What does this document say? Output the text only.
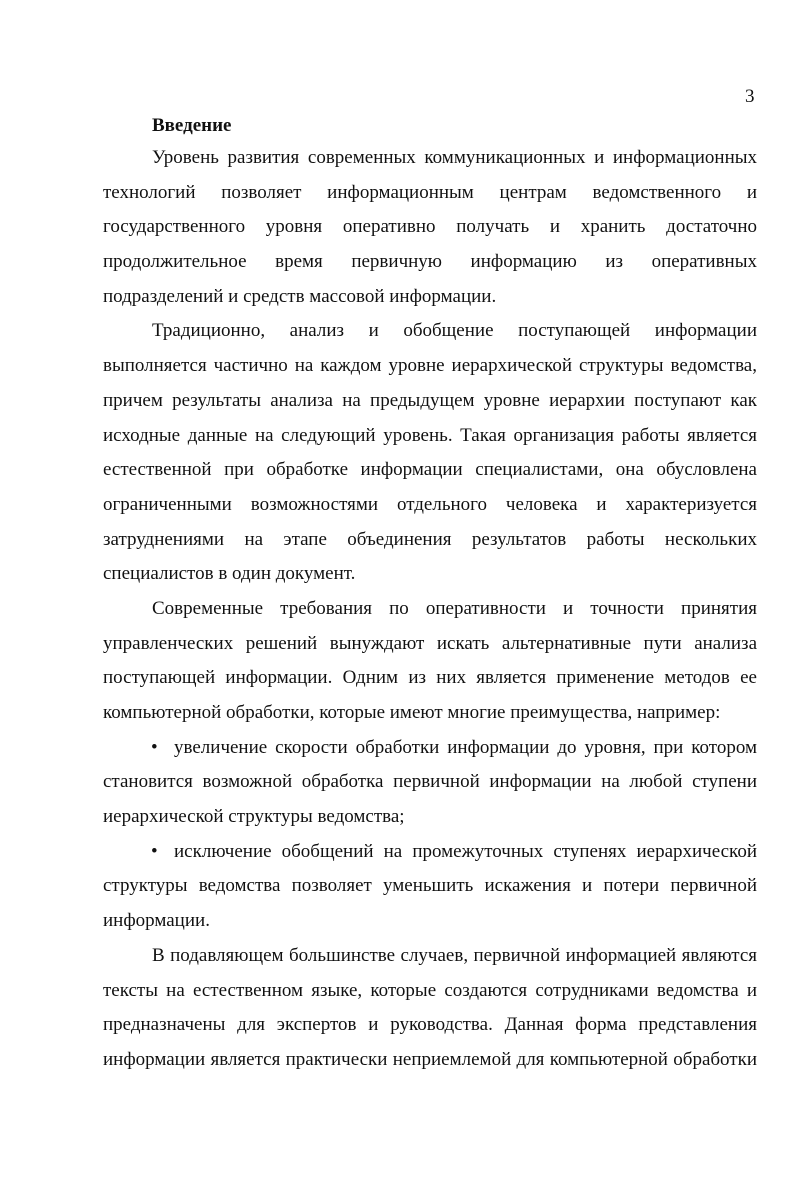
3
Введение
Уровень развития современных коммуникационных и информационных
технологий позволяет информационным центрам ведомственного и
государственного уровня оперативно получать и хранить достаточно
продолжительное время первичную информацию из оперативных
подразделений и средств массовой информации.
Традиционно, анализ и обобщение поступающей информации
выполняется частично на каждом уровне иерархической структуры ведомства,
причем результаты анализа на предыдущем уровне иерархии поступают как
исходные данные на следующий уровень. Такая организация работы является
естественной при обработке информации специалистами, она обусловлена
ограниченными возможностями отдельного человека и характеризуется
затруднениями на этапе объединения результатов работы нескольких
специалистов в один документ.
Современные требования по оперативности и точности принятия
управленческих решений вынуждают искать альтернативные пути анализа
поступающей информации. Одним из них является применение методов ее
компьютерной обработки, которые имеют многие преимущества, например:
• увеличение скорости обработки информации до уровня, при котором
становится возможной обработка первичной информации на любой ступени
иерархической структуры ведомства;
• исключение обобщений на промежуточных ступенях иерархической
структуры ведомства позволяет уменьшить искажения и потери первичной
информации.
В подавляющем большинстве случаев, первичной информацией являются
тексты на естественном языке, которые создаются сотрудниками ведомства и
предназначены для экспертов и руководства. Данная форма представления
информации является практически неприемлемой для компьютерной обработки
